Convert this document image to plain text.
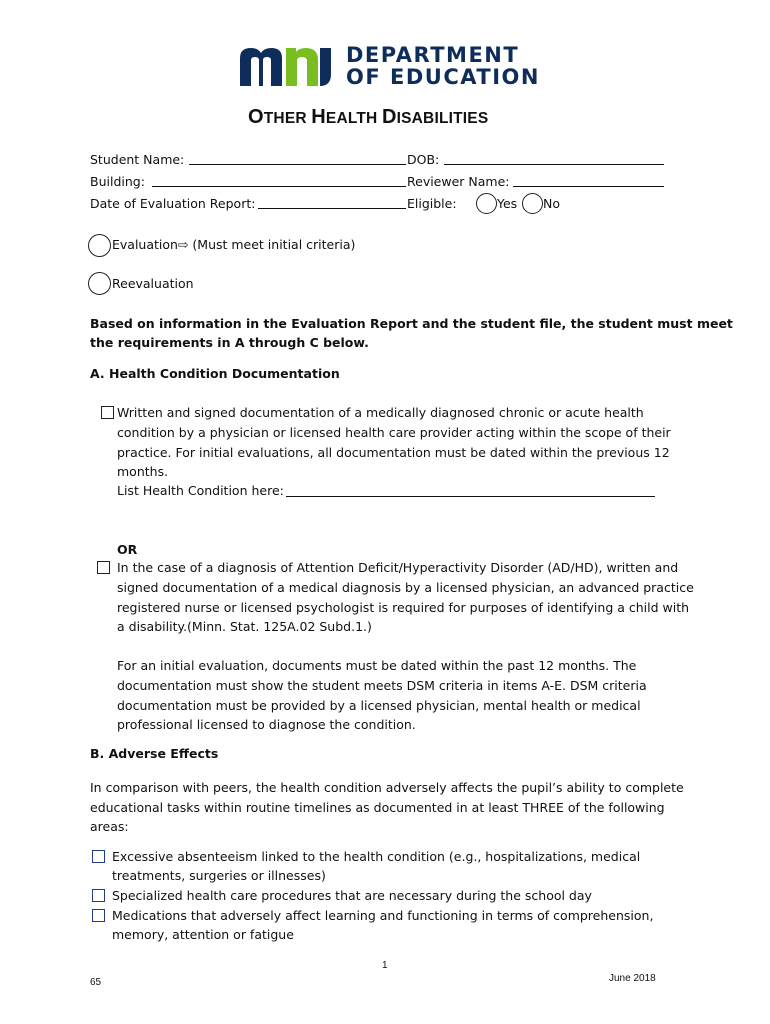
DEPARTMENT
OF EDUCATION
OTHER HEALTH DISABILITIES
Student Name:	DOB:
Building:	Reviewer Name:
Date of Evaluation Report:	Eligible:	Yes No
Evaluation⇨ (Must meet initial criteria)
Reevaluation
Based on information in the Evaluation Report and the student file, the student must meet
the requirements in A through C below.
A. Health Condition Documentation
Written and signed documentation of a medically diagnosed chronic or acute health
condition by a physician or licensed health care provider acting within the scope of their
practice. For initial evaluations, all documentation must be dated within the previous 12
months.
List Health Condition here:
OR
In the case of a diagnosis of Attention Deficit/Hyperactivity Disorder (AD/HD), written and
signed documentation of a medical diagnosis by a licensed physician, an advanced practice
registered nurse or licensed psychologist is required for purposes of identifying a child with
a disability.(Minn. Stat. 125A.02 Subd.1.)
For an initial evaluation, documents must be dated within the past 12 months. The
documentation must show the student meets DSM criteria in items A-E. DSM criteria
documentation must be provided by a licensed physician, mental health or medical
professional licensed to diagnose the condition.
B. Adverse Effects
In comparison with peers, the health condition adversely affects the pupil’s ability to complete
educational tasks within routine timelines as documented in at least THREE of the following
areas:
Excessive absenteeism linked to the health condition (e.g., hospitalizations, medical
treatments, surgeries or illnesses)
Specialized health care procedures that are necessary during the school day
Medications that adversely affect learning and functioning in terms of comprehension,
memory, attention or fatigue
1
65	June 2018
